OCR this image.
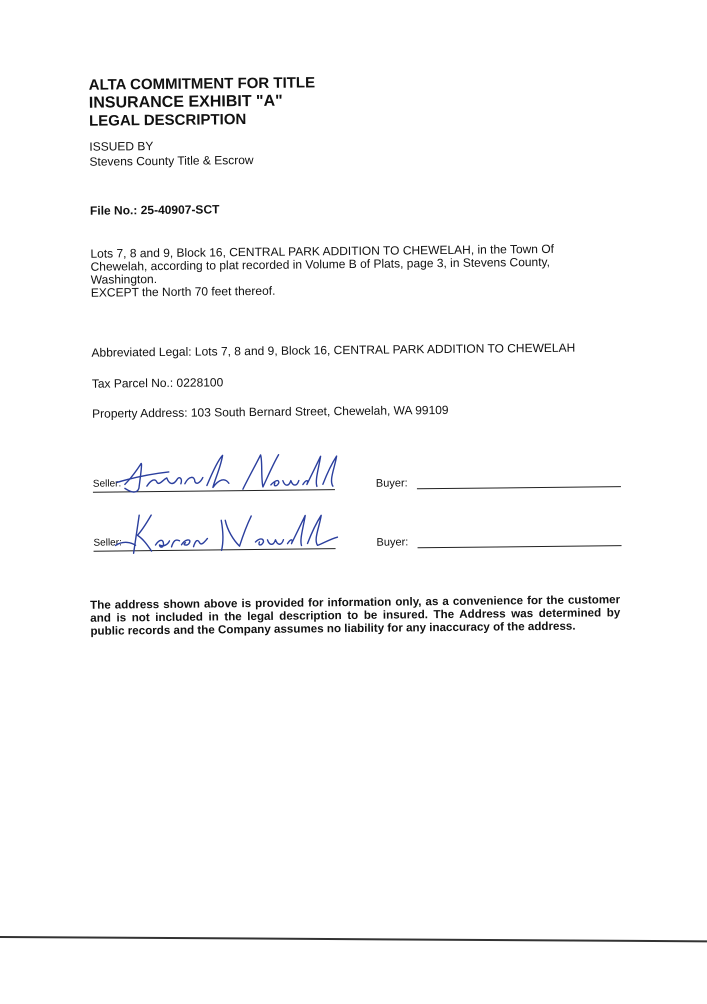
ALTA COMMITMENT FOR TITLE
INSURANCE EXHIBIT "A"
LEGAL DESCRIPTION
ISSUED BY
Stevens County Title & Escrow
File No.: 25-40907-SCT

Lots 7, 8 and 9, Block 16, CENTRAL PARK ADDITION TO CHEWELAH, in the Town Of Chewelah, according to plat recorded in Volume B of Plats, page 3, in Stevens County, Washington.

EXCEPT the North 70 feet thereof.

Abbreviated Legal: Lots 7, 8 and 9, Block 16, CENTRAL PARK ADDITION TO CHEWELAH
Tax Parcel No.: 0228100
Property Address: 103 South Bernard Street, Chewelah, WA 99109
Seller:	Buyer:
Seller:	Buyer:
The address shown above is provided for information only, as a convenience for the customer and is not included in the legal description to be insured. The Address was determined by public records and the Company assumes no liability for any inaccuracy of the address.
